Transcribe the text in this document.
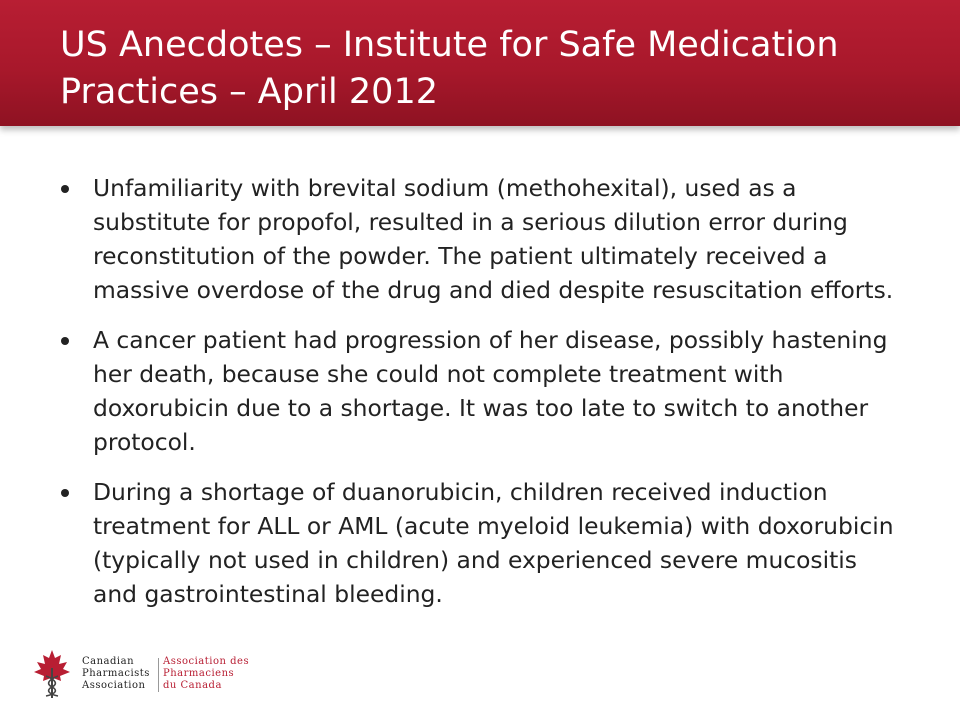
US Anecdotes – Institute for Safe Medication Practices – April 2012
Unfamiliarity with brevital sodium (methohexital), used as a substitute for propofol, resulted in a serious dilution error during reconstitution of the powder. The patient ultimately received a massive overdose of the drug and died despite resuscitation efforts.
A cancer patient had progression of her disease, possibly hastening her death, because she could not complete treatment with doxorubicin due to a shortage. It was too late to switch to another protocol.
During a shortage of duanorubicin, children received induction treatment for ALL or AML (acute myeloid leukemia) with doxorubicin (typically not used in children) and experienced severe mucositis and gastrointestinal bleeding.
Canadian
Pharmacists
Association
Association des
Pharmaciens
du Canada
